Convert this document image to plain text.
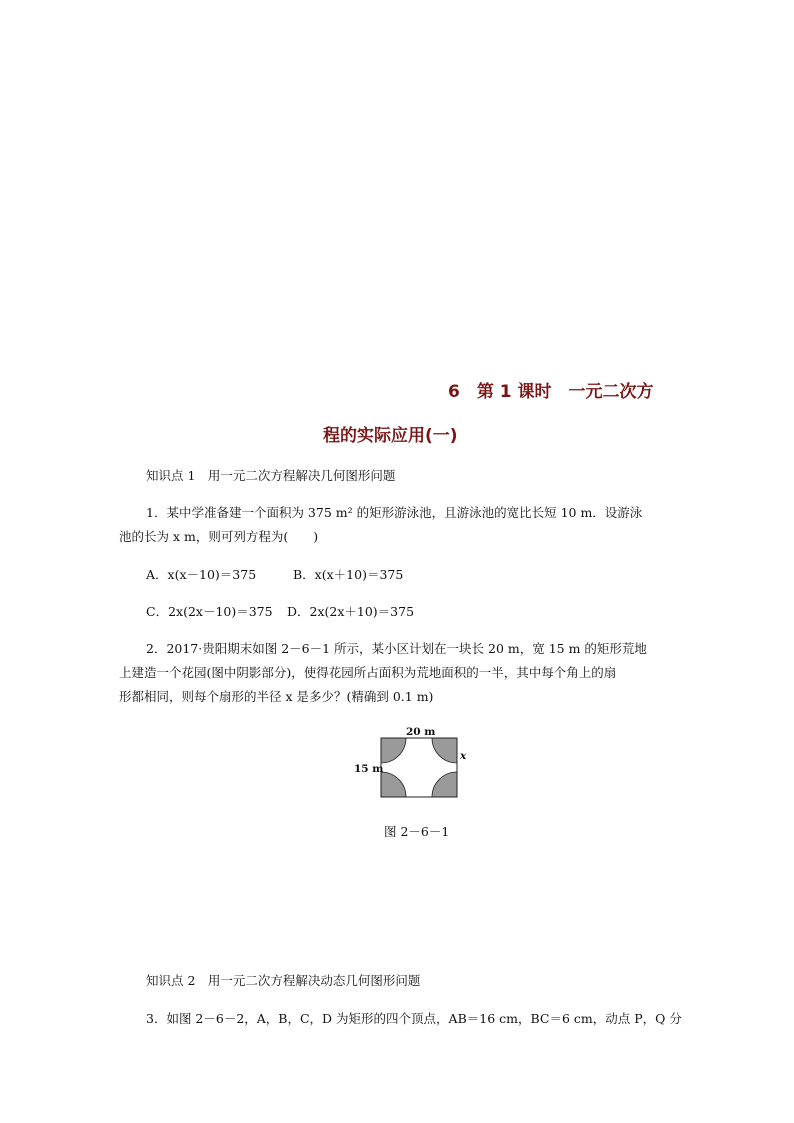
6　第 1 课时　一元二次方
程的实际应用(一)
知识点 1　用一元二次方程解决几何图形问题
1．某中学准备建一个面积为 375 m² 的矩形游泳池，且游泳池的宽比长短 10 m．设游泳
池的长为 x m，则可列方程为(　　)
A．x(x－10)＝375	B．x(x＋10)＝375
C．2x(2x－10)＝375 D．2x(2x＋10)＝375
2．2017·贵阳期末如图 2－6－1 所示，某小区计划在一块长 20 m，宽 15 m 的矩形荒地
上建造一个花园(图中阴影部分)，使得花园所占面积为荒地面积的一半，其中每个角上的扇
形都相同，则每个扇形的半径 x 是多少？(精确到 0.1 m)
20 m
15 m
x
图 2－6－1
知识点 2　用一元二次方程解决动态几何图形问题
3．如图 2－6－2，A，B，C，D 为矩形的四个顶点，AB＝16 cm，BC＝6 cm，动点 P，Q 分
